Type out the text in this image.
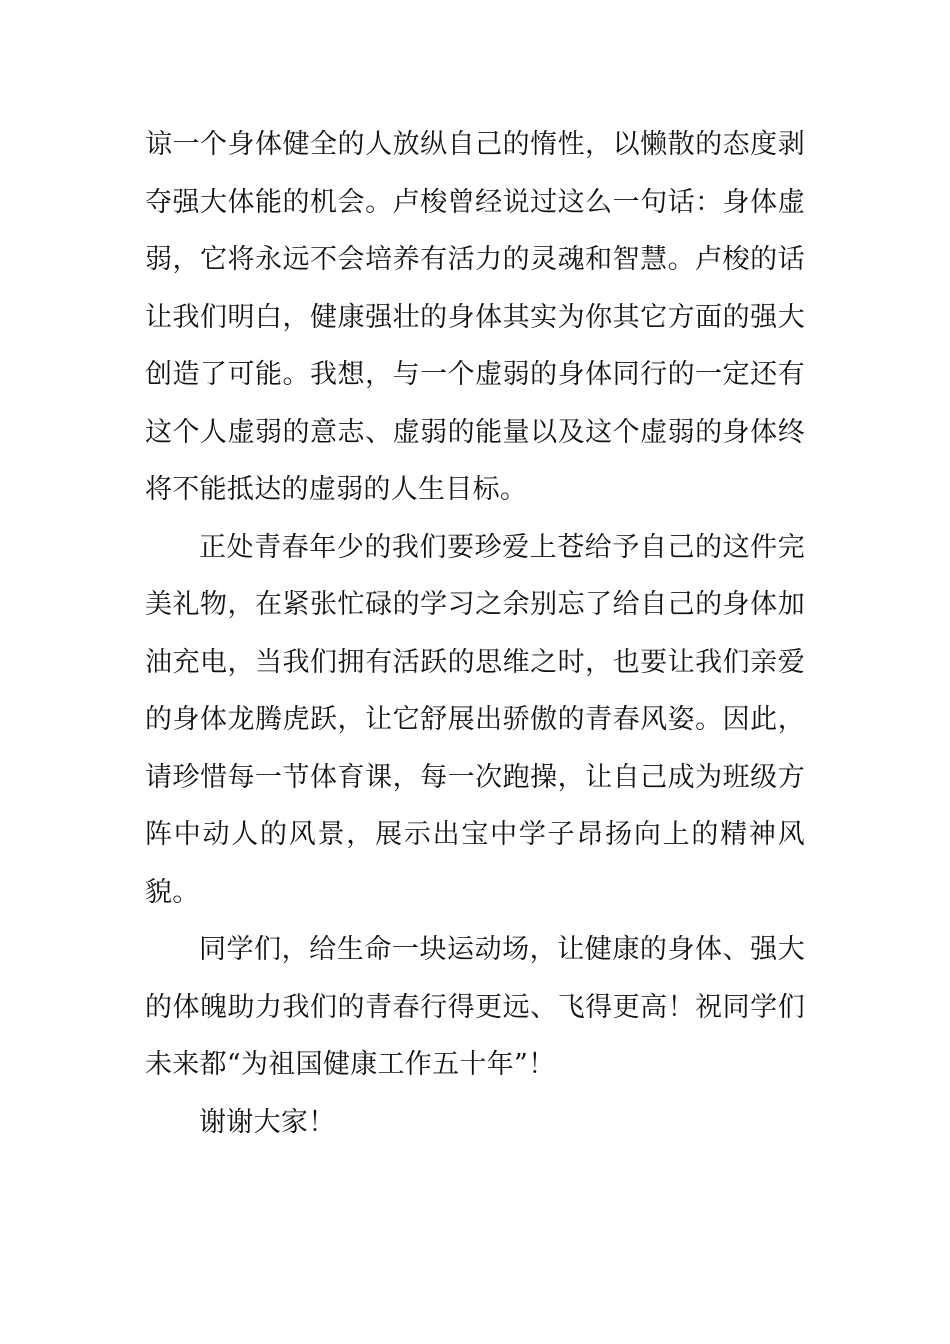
谅一个身体健全的人放纵自己的惰性，以懒散的态度剥夺强大体能的机会。卢梭曾经说过这么一句话：身体虚弱，它将永远不会培养有活力的灵魂和智慧。卢梭的话让我们明白，健康强壮的身体其实为你其它方面的强大创造了可能。我想，与一个虚弱的身体同行的一定还有这个人虚弱的意志、虚弱的能量以及这个虚弱的身体终将不能抵达的虚弱的人生目标。

正处青春年少的我们要珍爱上苍给予自己的这件完美礼物，在紧张忙碌的学习之余别忘了给自己的身体加油充电，当我们拥有活跃的思维之时，也要让我们亲爱的身体龙腾虎跃，让它舒展出骄傲的青春风姿。因此，请珍惜每一节体育课，每一次跑操，让自己成为班级方阵中动人的风景，展示出宝中学子昂扬向上的精神风貌。

同学们，给生命一块运动场，让健康的身体、强大的体魄助力我们的青春行得更远、飞得更高！祝同学们未来都“为祖国健康工作五十年”！

谢谢大家！
